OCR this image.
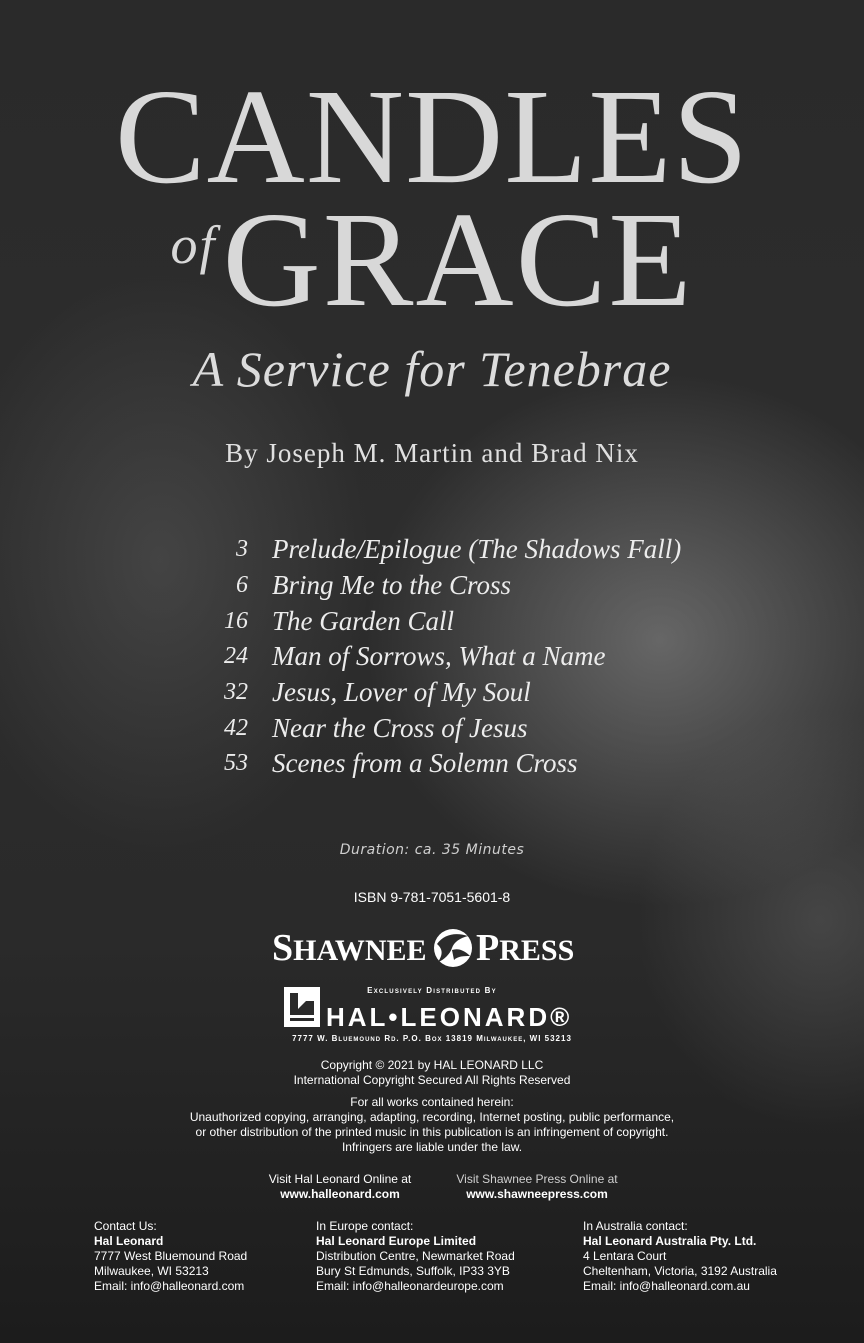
CANDLES
ofGRACE
A Service for Tenebrae
By Joseph M. Martin and Brad Nix
3 Prelude/Epilogue (The Shadows Fall)
6 Bring Me to the Cross
16 The Garden Call
24 Man of Sorrows, What a Name
32 Jesus, Lover of My Soul
42 Near the Cross of Jesus
53 Scenes from a Solemn Cross
Duration: ca. 35 Minutes
ISBN 9-781-7051-5601-8
SHAWNEE PRESS
Exclusively Distributed By
HAL•LEONARD®
7777 W. Bluemound Rd. P.O. Box 13819 Milwaukee, WI 53213
Copyright © 2021 by HAL LEONARD LLC
International Copyright Secured All Rights Reserved
For all works contained herein:
Unauthorized copying, arranging, adapting, recording, Internet posting, public performance,
or other distribution of the printed music in this publication is an infringement of copyright.
Infringers are liable under the law.
Visit Hal Leonard Online at
www.halleonard.com
Visit Shawnee Press Online at
www.shawneepress.com
Contact Us:
Hal Leonard
7777 West Bluemound Road
Milwaukee, WI 53213
Email: info@halleonard.com
In Europe contact:
Hal Leonard Europe Limited
Distribution Centre, Newmarket Road
Bury St Edmunds, Suffolk, IP33 3YB
Email: info@halleonardeurope.com
In Australia contact:
Hal Leonard Australia Pty. Ltd.
4 Lentara Court
Cheltenham, Victoria, 3192 Australia
Email: info@halleonard.com.au
